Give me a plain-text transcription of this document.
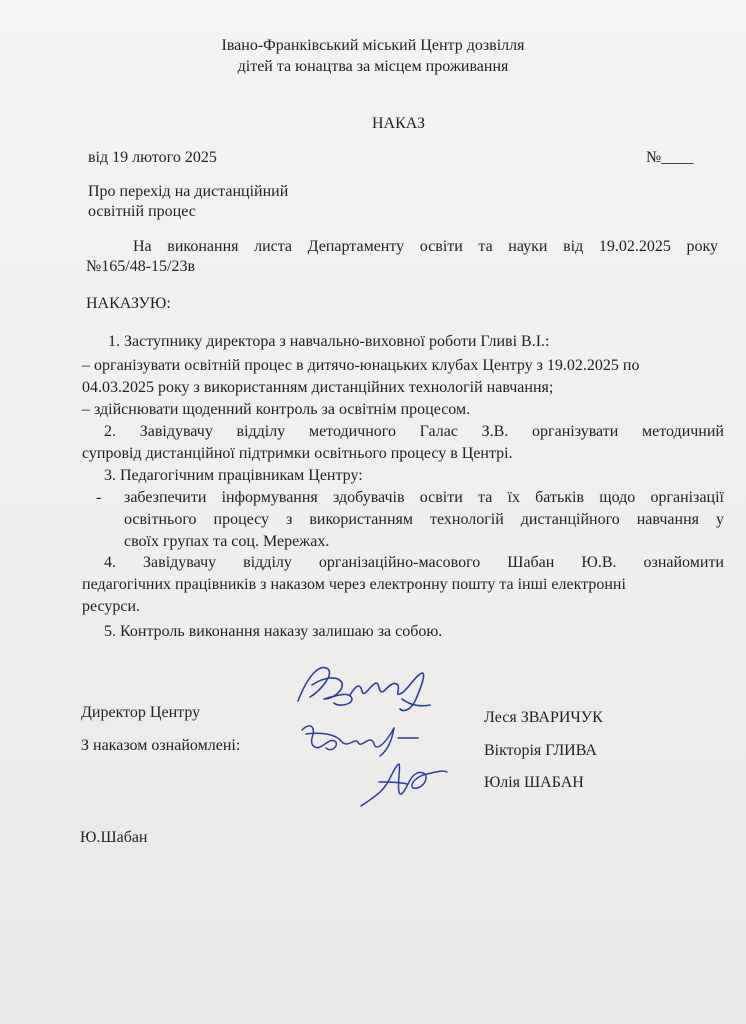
Івано-Франківський міський Центр дозвілля
дітей та юнацтва за місцем проживання
НАКАЗ
від 19 лютого 2025	№____
Про перехід на дистанційний
освітній процес
На виконання листа Департаменту освіти та науки від 19.02.2025 року
№165/48-15/23в
НАКАЗУЮ:
1. Заступнику директора з навчально-виховної роботи Гливі В.І.:
– організувати освітній процес в дитячо-юнацьких клубах Центру з 19.02.2025 по
04.03.2025 року з використанням дистанційних технологій навчання;
– здійснювати щоденний контроль за освітнім процесом.
2. Завідувачу відділу методичного Галас З.В. організувати методичний
супровід дистанційної підтримки освітнього процесу в Центрі.
3. Педагогічним працівникам Центру:
- забезпечити інформування здобувачів освіти та їх батьків щодо організації
освітнього процесу з використанням технологій дистанційного навчання у
своїх групах та соц. Мережах.
4. Завідувачу відділу організаційно-масового Шабан Ю.В. ознайомити
педагогічних працівників з наказом через електронну пошту та інші електронні
ресурси.
5. Контроль виконання наказу залишаю за собою.
Директор Центру
З наказом ознайомлені:
Леся ЗВАРИЧУК
Вікторія ГЛИВА
Юлія ШАБАН
Ю.Шабан
